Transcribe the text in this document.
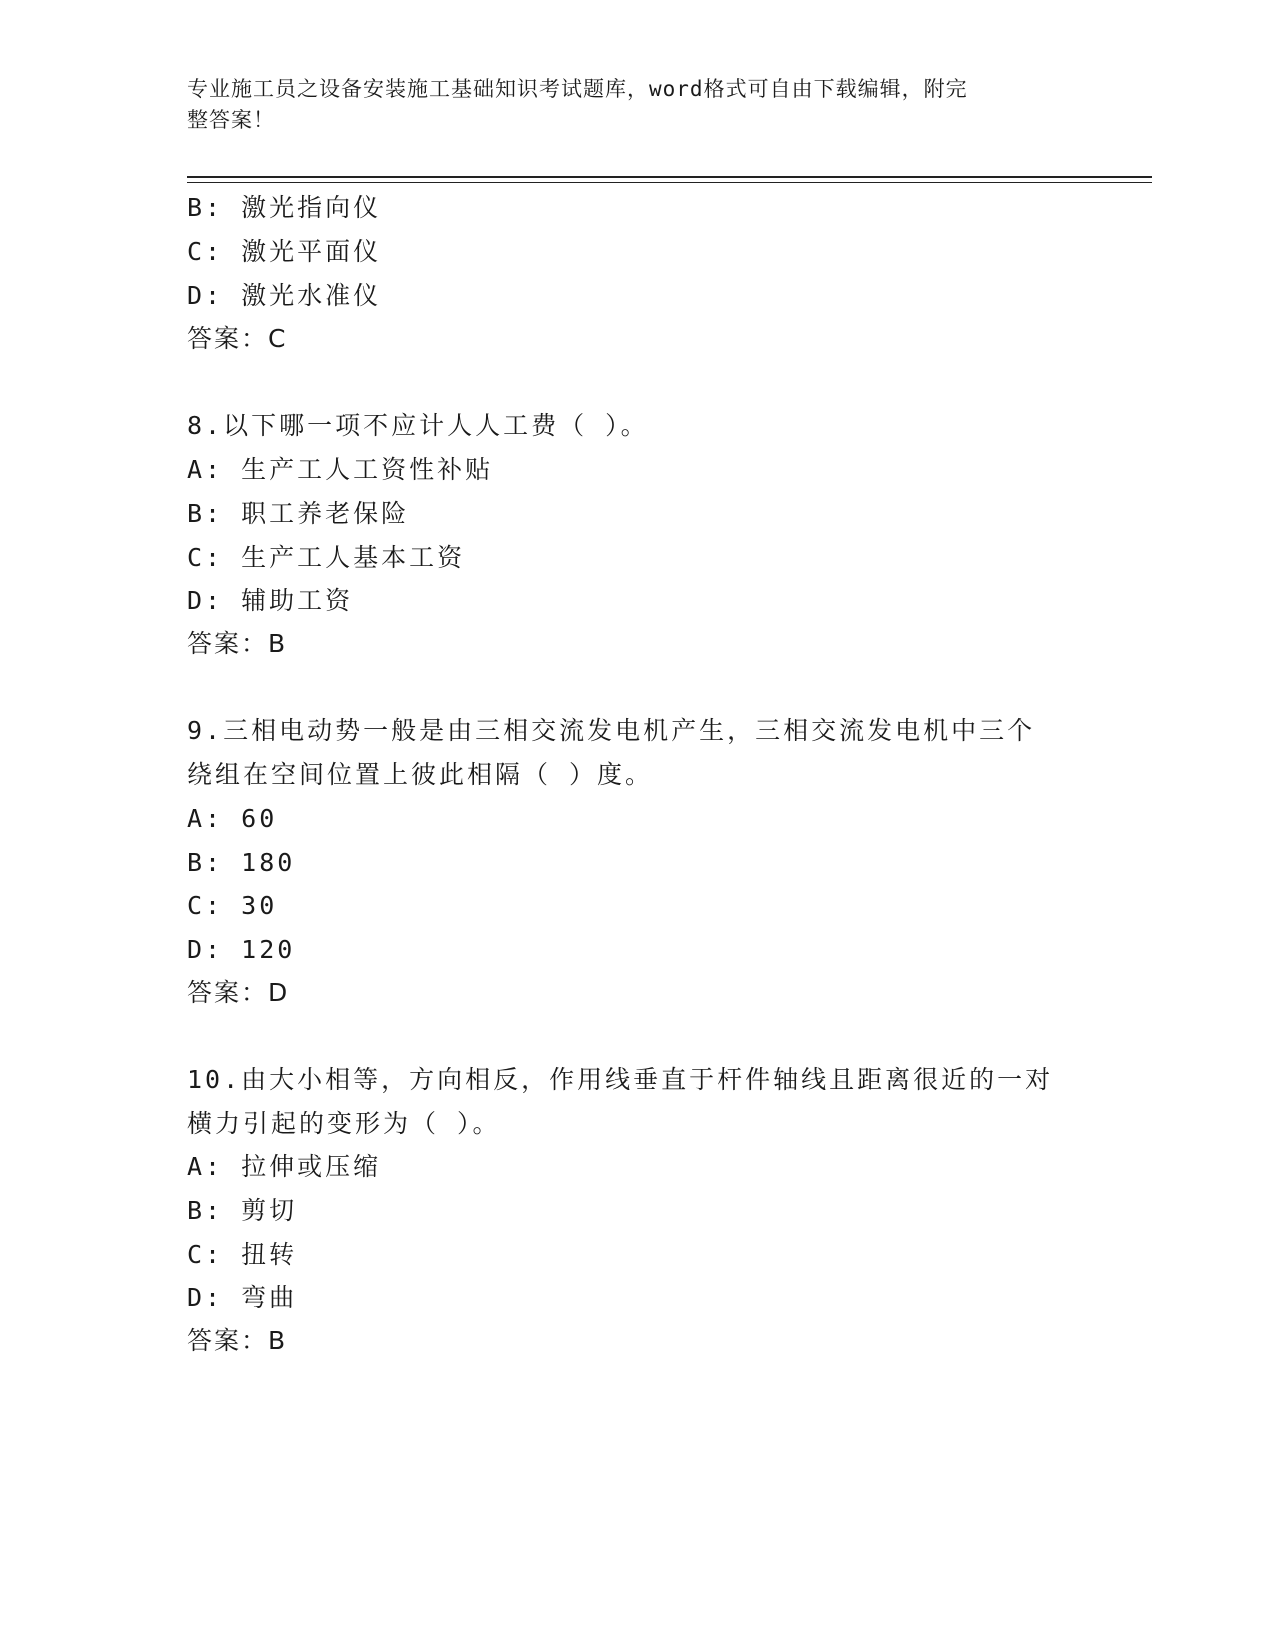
专业施工员之设备安装施工基础知识考试题库，word格式可自由下载编辑，附完
整答案！
B: 激光指向仪
C: 激光平面仪
D: 激光水准仪
答案：C
8.以下哪一项不应计人人工费（ ）。
A: 生产工人工资性补贴
B: 职工养老保险
C: 生产工人基本工资
D: 辅助工资
答案：B
9.三相电动势一般是由三相交流发电机产生，三相交流发电机中三个
绕组在空间位置上彼此相隔（ ）度。
A: 60
B: 180
C: 30
D: 120
答案：D
10.由大小相等，方向相反，作用线垂直于杆件轴线且距离很近的一对
横力引起的变形为（ ）。
A: 拉伸或压缩
B: 剪切
C: 扭转
D: 弯曲
答案：B
